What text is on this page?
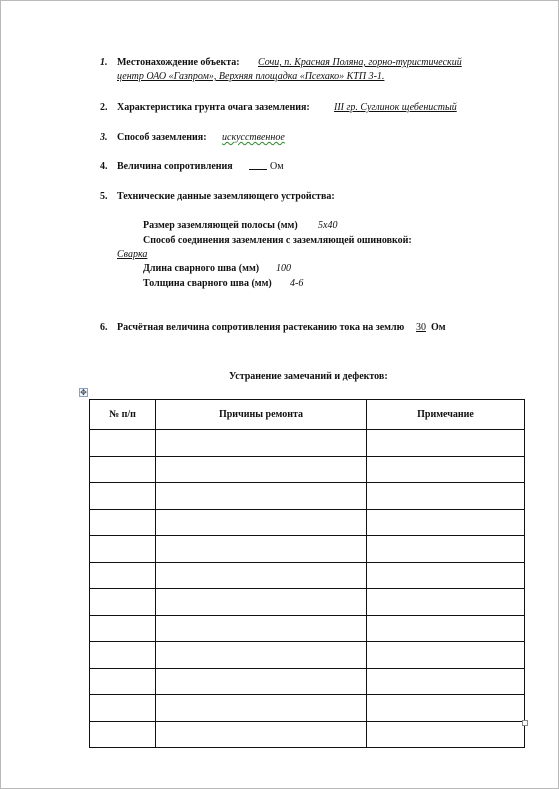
1. Местонахождение объекта: Сочи, п. Красная Поляна, горно-туристический
центр ОАО «Газпром», Верхняя площадка «Псехако» КТП 3-1.
2. Характеристика грунта очага заземления: III гр. Суглинок щебенистый
3. Способ заземления: искусственное
4. Величина сопротивления	Ом
5. Технические данные заземляющего устройства:
Размер заземляющей полосы (мм) 5х40
Способ соединения заземления с заземляющей ошиновкой:
Сварка
Длина сварного шва (мм) 100
Толщина сварного шва (мм) 4-6
6. Расчётная величина сопротивления растеканию тока на землю 30 Ом
Устранение замечаний и дефектов:
✥
№ п/п	Причины ремонта	Примечание
